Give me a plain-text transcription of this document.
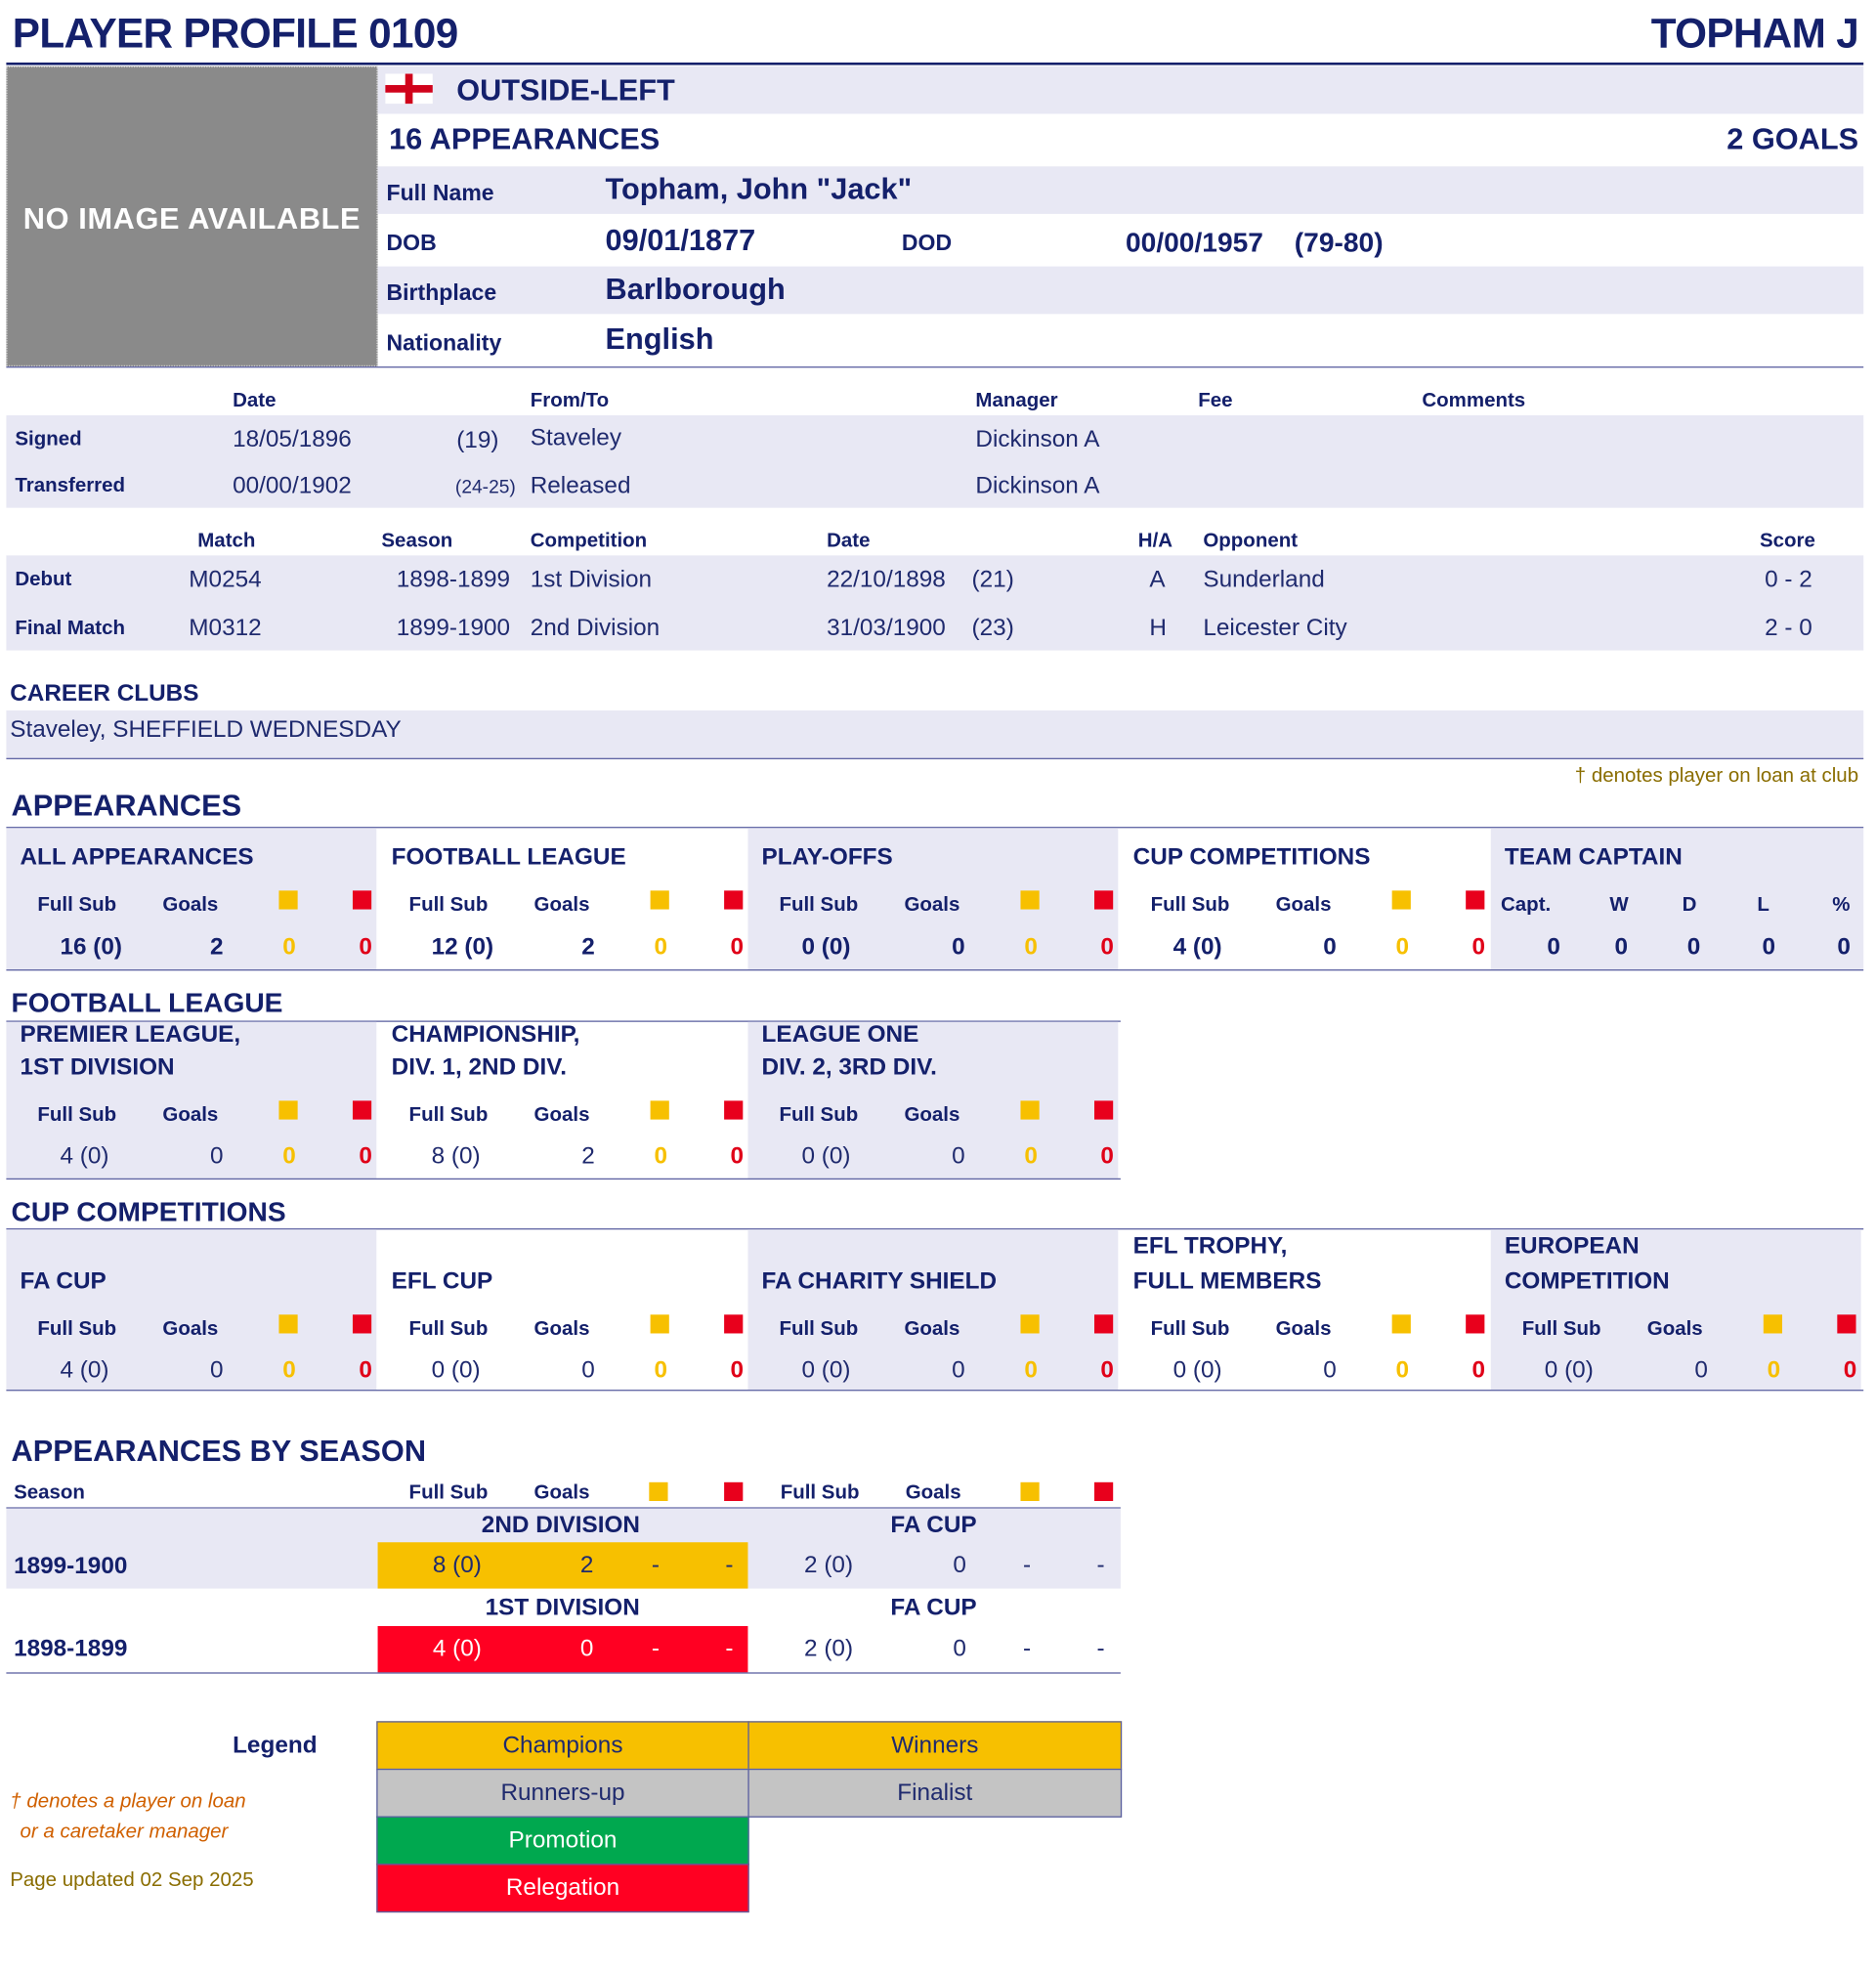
PLAYER PROFILE 0109	TOPHAM J
NO IMAGE AVAILABLE
OUTSIDE-LEFT
16 APPEARANCES	2 GOALS
Full Name	Topham, John "Jack"
DOB	09/01/1877	DOD	00/00/1957 (79-80)
Birthplace	Barlborough
Nationality	English
Date	From/To	Manager	Fee	Comments
Signed	18/05/1896	(19) Staveley	Dickinson A
Transferred	00/00/1902	(24-25) Released	Dickinson A
Match	Season	Competition	Date	H/A Opponent	Score
Debut	M0254	1898-1899 1st Division	22/10/1898 (21)	A Sunderland	0 - 2
Final Match	M0312	1899-1900 2nd Division	31/03/1900 (23)	H Leicester City	2 - 0
CAREER CLUBS
Staveley, SHEFFIELD WEDNESDAY
† denotes player on loan at club
APPEARANCES
ALL APPEARANCES
Full Sub	Goals
16 (0)	2	0	0
FOOTBALL LEAGUE
Full Sub	Goals
12 (0)	2	0	0
PLAY-OFFS
Full Sub	Goals
0 (0)	0	0	0
CUP COMPETITIONS
Full Sub	Goals
4 (0)	0	0	0
TEAM CAPTAIN
Capt.
0
W
0
D
0
L
0
%
0
FOOTBALL LEAGUE
PREMIER LEAGUE,
1ST DIVISION
Full Sub	Goals
4 (0)	0	0	0
CHAMPIONSHIP,
DIV. 1, 2ND DIV.
Full Sub	Goals
8 (0)	2	0	0
LEAGUE ONE
DIV. 2, 3RD DIV.
Full Sub	Goals
0 (0)	0	0	0
CUP COMPETITIONS
FA CUP
Full Sub	Goals
4 (0)	0	0	0
EFL CUP
Full Sub	Goals
0 (0)	0	0	0
FA CHARITY SHIELD
Full Sub	Goals
0 (0)	0	0	0
EFL TROPHY,
FULL MEMBERS
Full Sub	Goals
0 (0)	0	0	0
EUROPEAN
COMPETITION
Full Sub	Goals
0 (0)	0	0	0
APPEARANCES BY SEASON
Season	Full Sub	Goals	Full Sub	Goals
2ND DIVISION	FA CUP
1899-1900	8 (0)	2	-	-	2 (0)	0	-	-
1ST DIVISION	FA CUP
1898-1899	4 (0)	0	-	-	2 (0)	0	-	-
Legend	Champions	Winners
Runners-up	Finalist
Promotion
Relegation
† denotes a player on loan
or a caretaker manager
Page updated 02 Sep 2025
